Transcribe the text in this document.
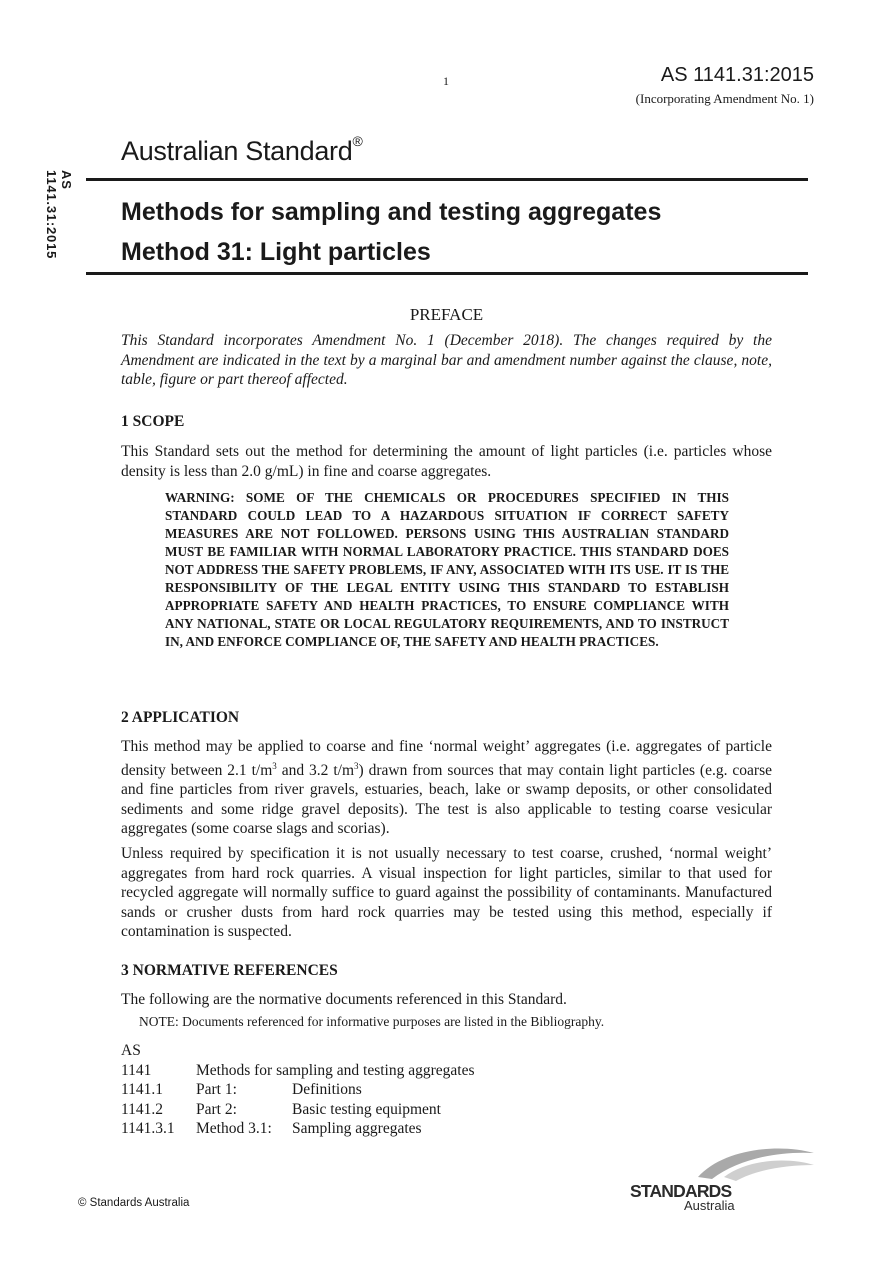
1	AS 1141.31:2015
(Incorporating Amendment No. 1)
AS 1141.31:2015
Australian Standard®
Methods for sampling and testing aggregates
Method 31: Light particles
PREFACE
This Standard incorporates Amendment No. 1 (December 2018). The changes required by the Amendment are indicated in the text by a marginal bar and amendment number against the clause, note, table, figure or part thereof affected.
1 SCOPE
This Standard sets out the method for determining the amount of light particles (i.e. particles whose density is less than 2.0 g/mL) in fine and coarse aggregates.
WARNING: SOME OF THE CHEMICALS OR PROCEDURES SPECIFIED IN THIS STANDARD COULD LEAD TO A HAZARDOUS SITUATION IF CORRECT SAFETY MEASURES ARE NOT FOLLOWED. PERSONS USING THIS AUSTRALIAN STANDARD MUST BE FAMILIAR WITH NORMAL LABORATORY PRACTICE. THIS STANDARD DOES NOT ADDRESS THE SAFETY PROBLEMS, IF ANY, ASSOCIATED WITH ITS USE. IT IS THE RESPONSIBILITY OF THE LEGAL ENTITY USING THIS STANDARD TO ESTABLISH APPROPRIATE SAFETY AND HEALTH PRACTICES, TO ENSURE COMPLIANCE WITH ANY NATIONAL, STATE OR LOCAL REGULATORY REQUIREMENTS, AND TO INSTRUCT IN, AND ENFORCE COMPLIANCE OF, THE SAFETY AND HEALTH PRACTICES.
2 APPLICATION
This method may be applied to coarse and fine ‘normal weight’ aggregates (i.e. aggregates of particle density between 2.1 $t/m^3$ and 3.2 $t/m^3$) drawn from sources that may contain light particles (e.g. coarse and fine particles from river gravels, estuaries, beach, lake or swamp deposits, or other consolidated sediments and some ridge gravel deposits). The test is also applicable to testing coarse vesicular aggregates (some coarse slags and scorias).
Unless required by specification it is not usually necessary to test coarse, crushed, ‘normal weight’ aggregates from hard rock quarries. A visual inspection for light particles, similar to that used for recycled aggregate will normally suffice to guard against the possibility of contaminants. Manufactured sands or crusher dusts from hard rock quarries may be tested using this method, especially if contamination is suspected.
3 NORMATIVE REFERENCES
The following are the normative documents referenced in this Standard.
NOTE: Documents referenced for informative purposes are listed in the Bibliography.
AS		
1141	Methods for sampling and testing aggregates	
1141.1	Part 1:	Definitions
1141.2	Part 2:	Basic testing equipment
1141.3.1	Method 3.1:	Sampling aggregates
© Standards Australia
STANDARDS
Australia
